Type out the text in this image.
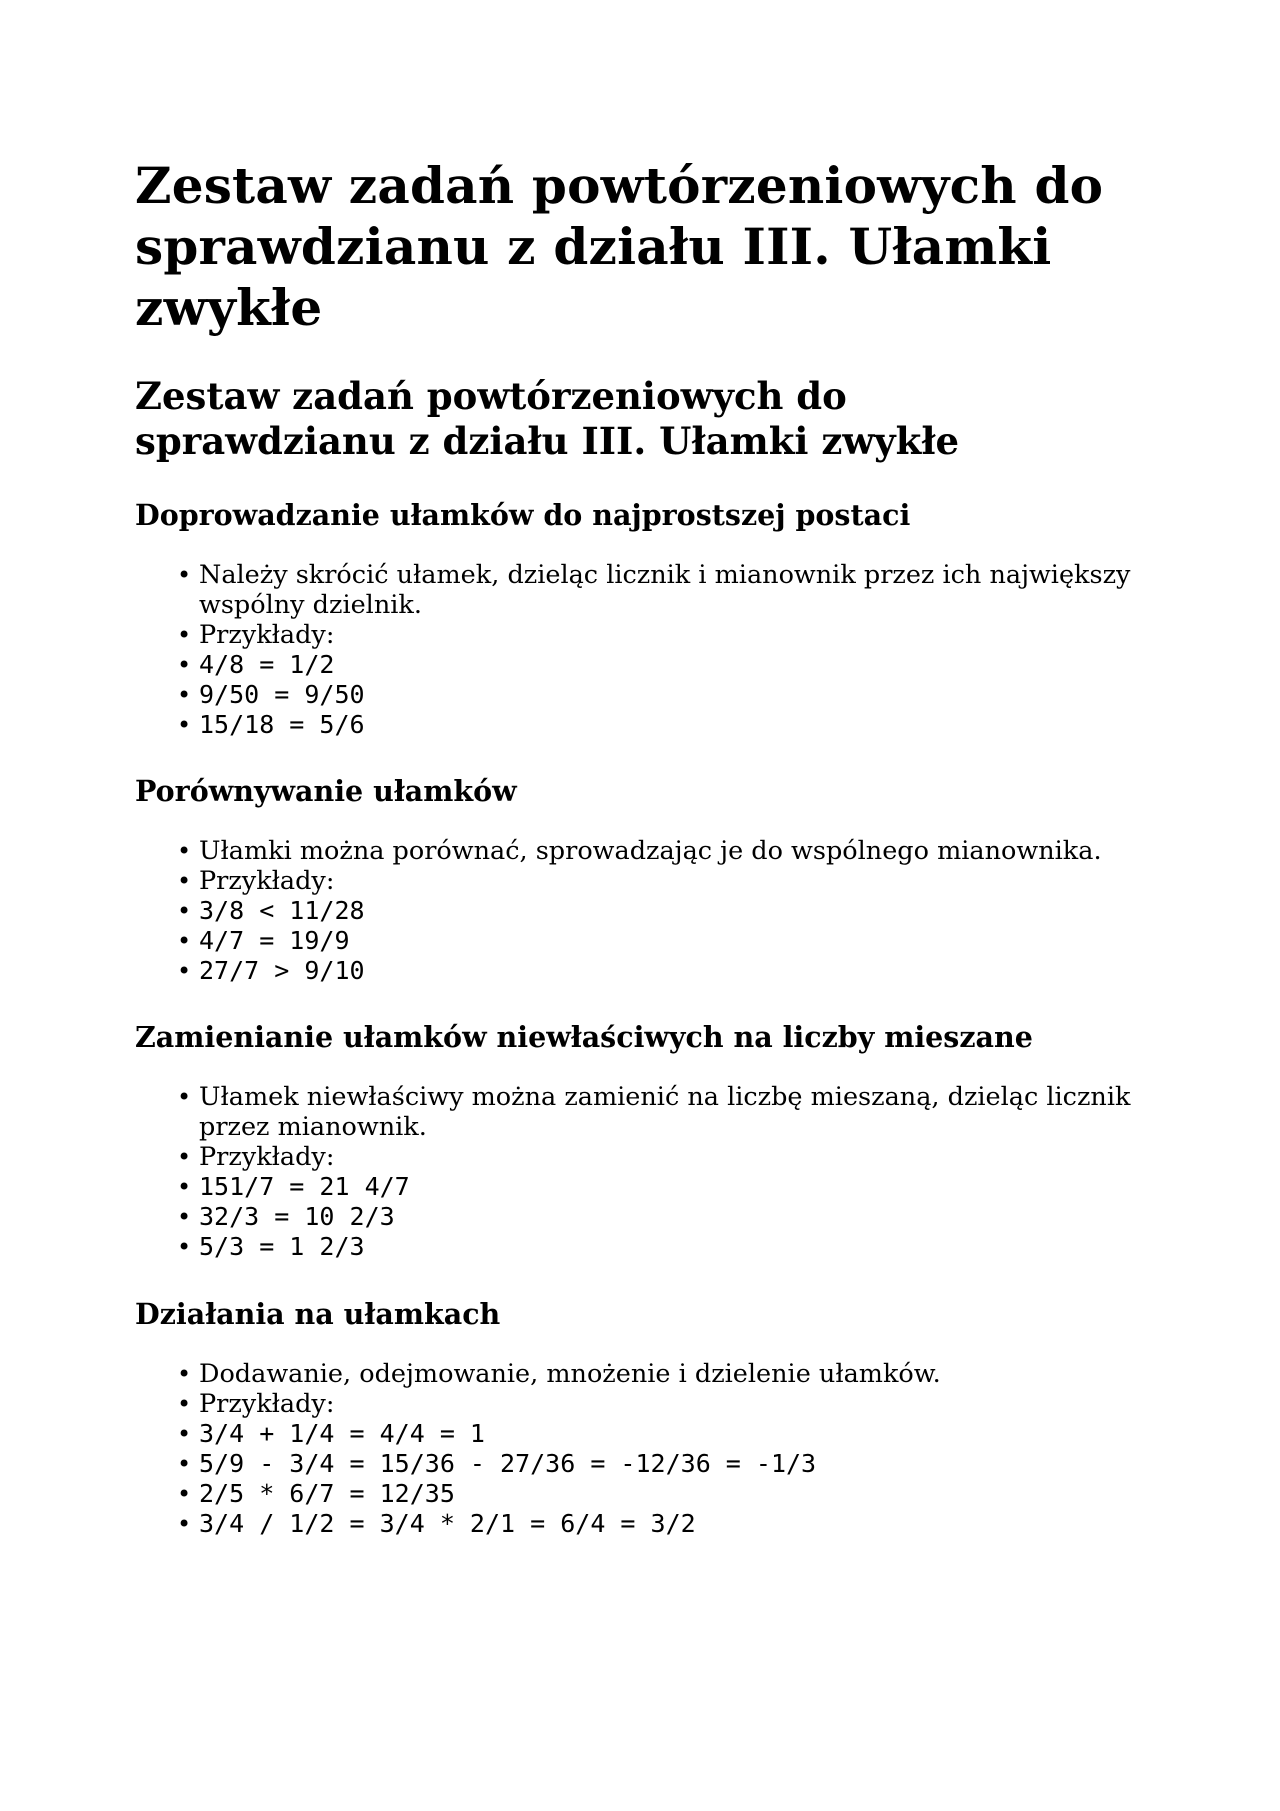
Zestaw zadań powtórzeniowych do sprawdzianu z działu III. Ułamki zwykłe
Zestaw zadań powtórzeniowych do sprawdzianu z działu III. Ułamki zwykłe
Doprowadzanie ułamków do najprostszej postaci
• Należy skrócić ułamek, dzieląc licznik i mianownik przez ich największy wspólny dzielnik.
• Przykłady:
• 4/8 = 1/2
• 9/50 = 9/50
• 15/18 = 5/6
Porównywanie ułamków
• Ułamki można porównać, sprowadzając je do wspólnego mianownika.
• Przykłady:
• 3/8 < 11/28
• 4/7 = 19/9
• 27/7 > 9/10
Zamienianie ułamków niewłaściwych na liczby mieszane
• Ułamek niewłaściwy można zamienić na liczbę mieszaną, dzieląc licznik przez mianownik.
• Przykłady:
• 151/7 = 21 4/7
• 32/3 = 10 2/3
• 5/3 = 1 2/3
Działania na ułamkach
• Dodawanie, odejmowanie, mnożenie i dzielenie ułamków.
• Przykłady:
• 3/4 + 1/4 = 4/4 = 1
• 5/9 - 3/4 = 15/36 - 27/36 = -12/36 = -1/3
• 2/5 * 6/7 = 12/35
• 3/4 / 1/2 = 3/4 * 2/1 = 6/4 = 3/2
